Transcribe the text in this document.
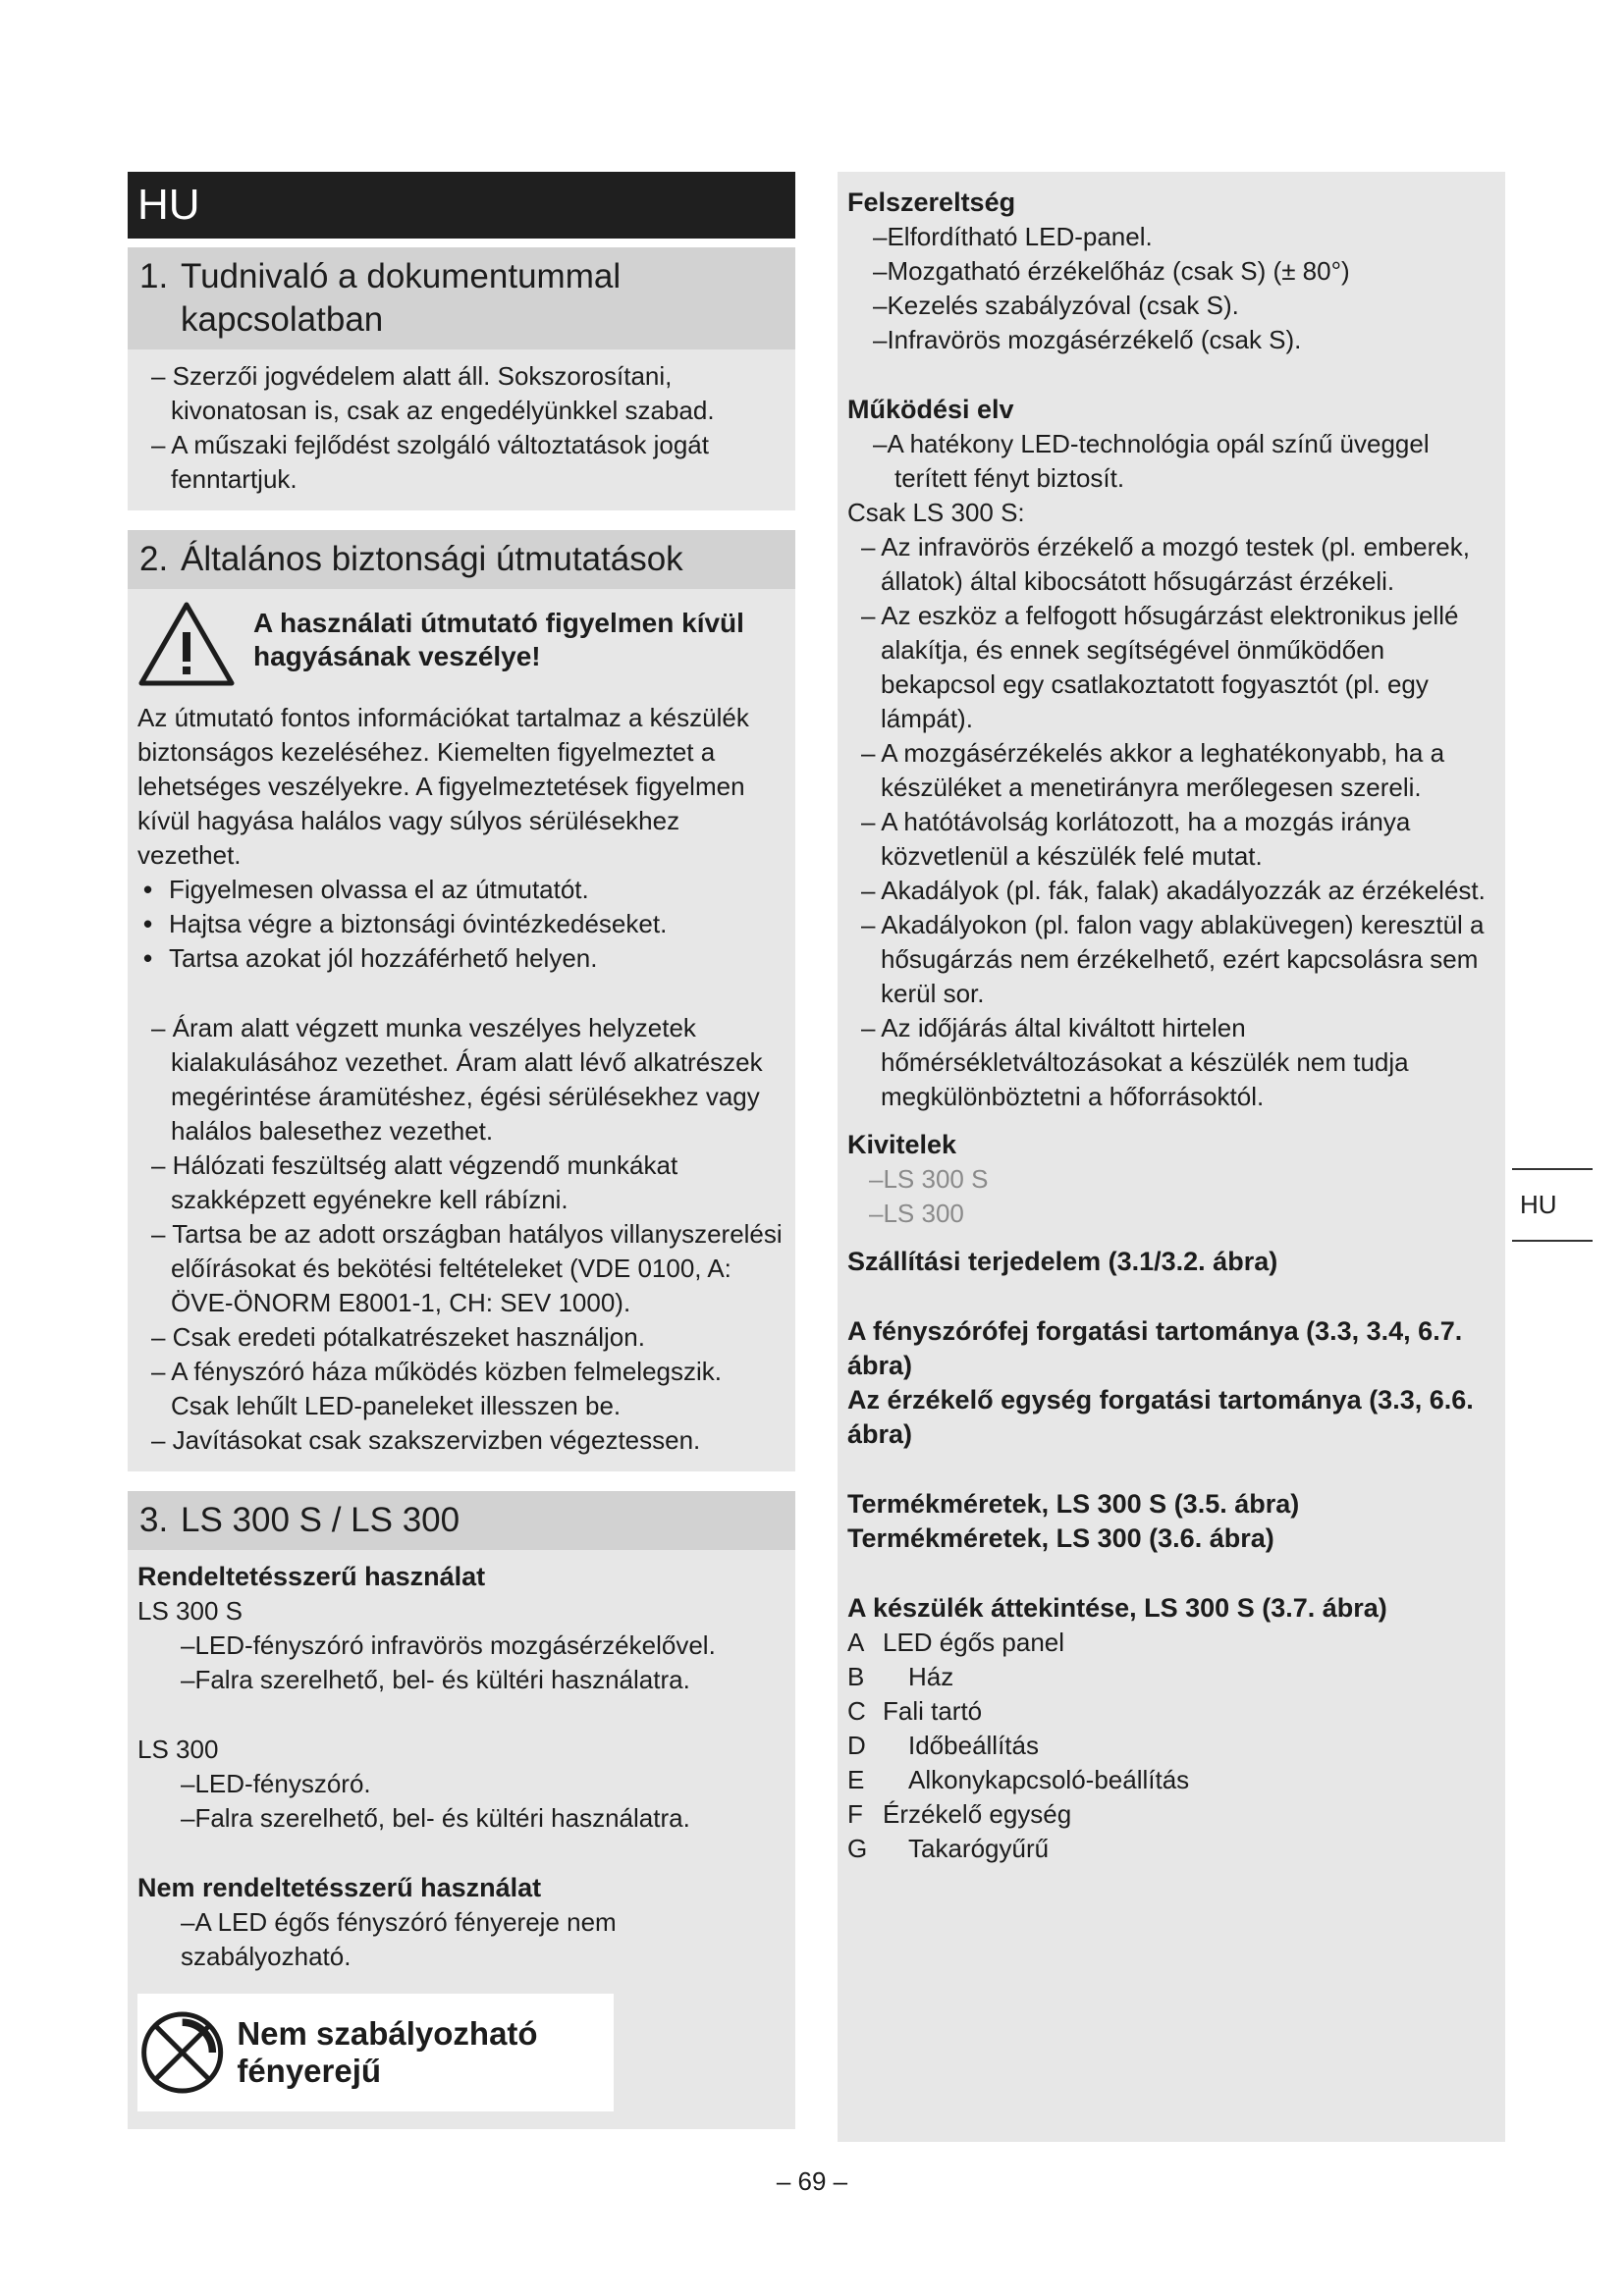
HU
1. Tudnivaló a dokumentummal kapcsolatban
– Szerzői jogvédelem alatt áll. Sokszorosítani, kivonatosan is, csak az engedélyünkkel szabad.
– A műszaki fejlődést szolgáló változtatások jogát fenntartjuk.
2. Általános biztonsági útmutatások
A használati útmutató figyelmen kívül hagyásának veszélye!
Az útmutató fontos információkat tartalmaz a készülék biztonságos kezeléséhez. Kiemelten figyelmeztet a lehetséges veszélyekre. A figyelmeztetések figyelmen kívül hagyása halálos vagy súlyos sérülésekhez vezethet.
• Figyelmesen olvassa el az útmutatót.
• Hajtsa végre a biztonsági óvintézkedéseket.
• Tartsa azokat jól hozzáférhető helyen.
– Áram alatt végzett munka veszélyes helyzetek kialakulásához vezethet. Áram alatt lévő alkatrészek megérintése áramütéshez, égési sérülésekhez vagy halálos balesethez vezethet.
– Hálózati feszültség alatt végzendő munkákat szakképzett egyénekre kell rábízni.
– Tartsa be az adott országban hatályos villanyszerelési előírásokat és bekötési feltételeket (VDE 0100, A: ÖVE-ÖNORM E8001-1, CH: SEV 1000).
– Csak eredeti pótalkatrészeket használjon.
– A fényszóró háza működés közben felmelegszik. Csak lehűlt LED-paneleket illesszen be.
– Javításokat csak szakszervizben végeztessen.
3. LS 300 S / LS 300
Rendeltetésszerű használat
LS 300 S
–LED-fényszóró infravörös mozgásérzékelővel.
–Falra szerelhető, bel- és kültéri használatra.
LS 300
–LED-fényszóró.
–Falra szerelhető, bel- és kültéri használatra.
Nem rendeltetésszerű használat
–A LED égős fényszóró fényereje nem szabályozható.
Nem szabályozható fényerejű
Felszereltség
–Elfordítható LED-panel.
–Mozgatható érzékelőház (csak S) (± 80°)
–Kezelés szabályzóval (csak S).
–Infravörös mozgásérzékelő (csak S).
Működési elv
–A hatékony LED-technológia opál színű üveggel terített fényt biztosít.
Csak LS 300 S:
– Az infravörös érzékelő a mozgó testek (pl. emberek, állatok) által kibocsátott hősugárzást érzékeli.
– Az eszköz a felfogott hősugárzást elektronikus jellé alakítja, és ennek segítségével önműködően bekapcsol egy csatlakoztatott fogyasztót (pl. egy lámpát).
– A mozgásérzékelés akkor a leghatékonyabb, ha a készüléket a menetirányra merőlegesen szereli.
– A hatótávolság korlátozott, ha a mozgás iránya közvetlenül a készülék felé mutat.
– Akadályok (pl. fák, falak) akadályozzák az érzékelést.
– Akadályokon (pl. falon vagy ablaküvegen) keresztül a hősugárzás nem érzékelhető, ezért kapcsolásra sem kerül sor.
– Az időjárás által kiváltott hirtelen hőmérsékletváltozásokat a készülék nem tudja megkülönböztetni a hőforrásoktól.
Kivitelek
–LS 300 S
–LS 300
Szállítási terjedelem (3.1/3.2. ábra)
A fényszórófej forgatási tartománya (3.3, 3.4, 6.7. ábra)
Az érzékelő egység forgatási tartománya (3.3, 6.6. ábra)
Termékméretek, LS 300 S (3.5. ábra)
Termékméretek, LS 300 (3.6. ábra)
A készülék áttekintése, LS 300 S (3.7. ábra)
A LED égős panel
B Ház
C Fali tartó
D Időbeállítás
E Alkonykapcsoló-beállítás
F Érzékelő egység
G Takarógyűrű
HU
– 69 –
